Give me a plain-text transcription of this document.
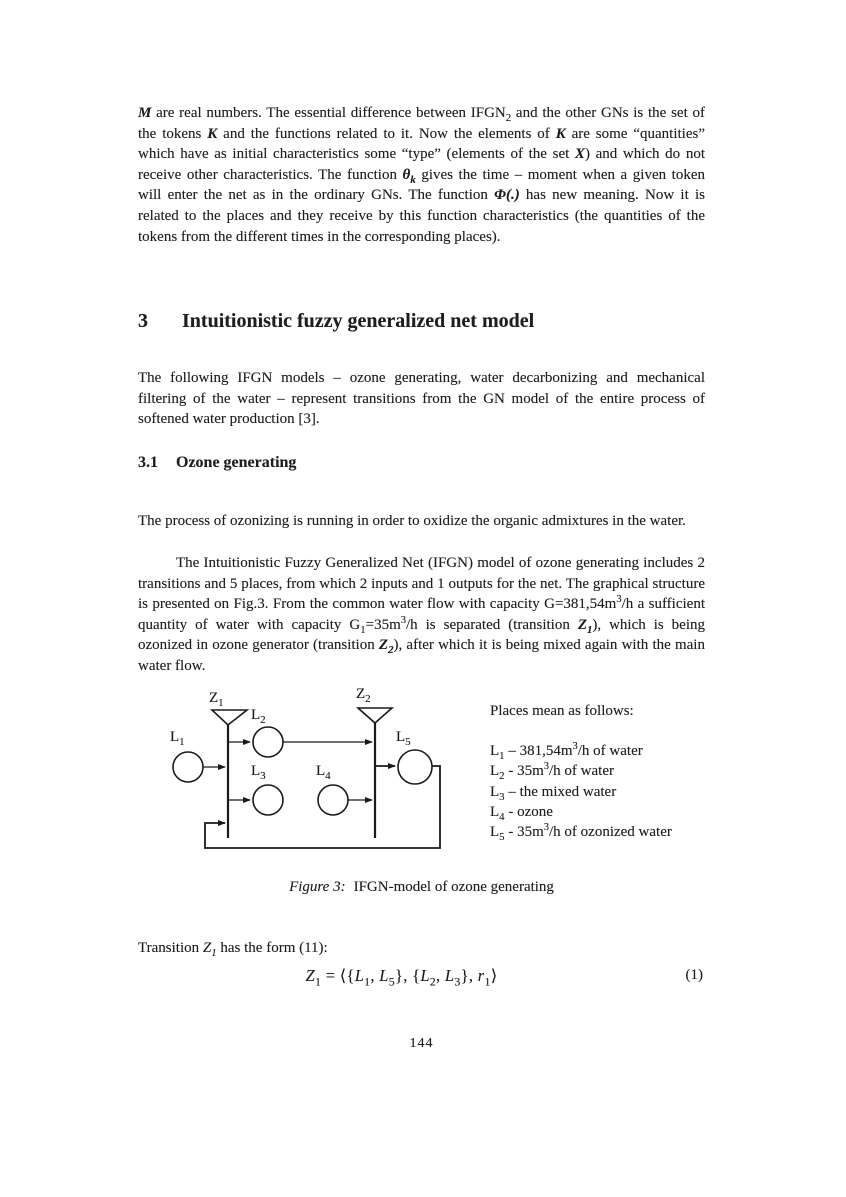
M are real numbers. The essential difference between $IFGN_2$ and the other GNs is the set of the tokens K and the functions related to it. Now the elements of K are some “quantities” which have as initial characteristics some “type” (elements of the set X) and which do not receive other characteristics. The function $\theta_k$ gives the time – moment when a given token will enter the net as in the ordinary GNs. The function Φ(.) has new meaning. Now it is related to the places and they receive by this function characteristics (the quantities of the tokens from the different times in the corresponding places).

3	Intuitionistic fuzzy generalized net model

The following IFGN models – ozone generating, water decarbonizing and mechanical filtering of the water – represent transitions from the GN model of the entire process of softened water production [3].

3.1	Ozone generating

The process of ozonizing is running in order to oxidize the organic admixtures in the water.

The Intuitionistic Fuzzy Generalized Net (IFGN) model of ozone generating includes 2 transitions and 5 places, from which 2 inputs and 1 outputs for the net. The graphical structure is presented on Fig.3. From the common water flow with capacity $G=381,54m^3/h$ a sufficient quantity of water with capacity $G_1=35m^3/h$ is separated (transition $Z_1$), which is being ozonized in ozone generator (transition $Z_2$), after which it is being mixed again with the main water flow.

$Z_1$
$Z_2$
$L_1$
$L_2$
$L_3$	$L_4$
$L_5$
Places mean as follows:
$L_1 - 381,54m^3/h$ of water
$L_2 - 35m^3/h$ of water
$L_3$ – the mixed water
$L_4$ - ozone
$L_5 - 35m^3/h$ of ozonized water
Figure 3: IFGN-model of ozone generating
Transition $Z_1$ has the form (11):
$Z_1$ = $⟨\{L_1$, $L_5$}, {$L_2$, $L_3$}, $r_1⟩$	(1)
144
